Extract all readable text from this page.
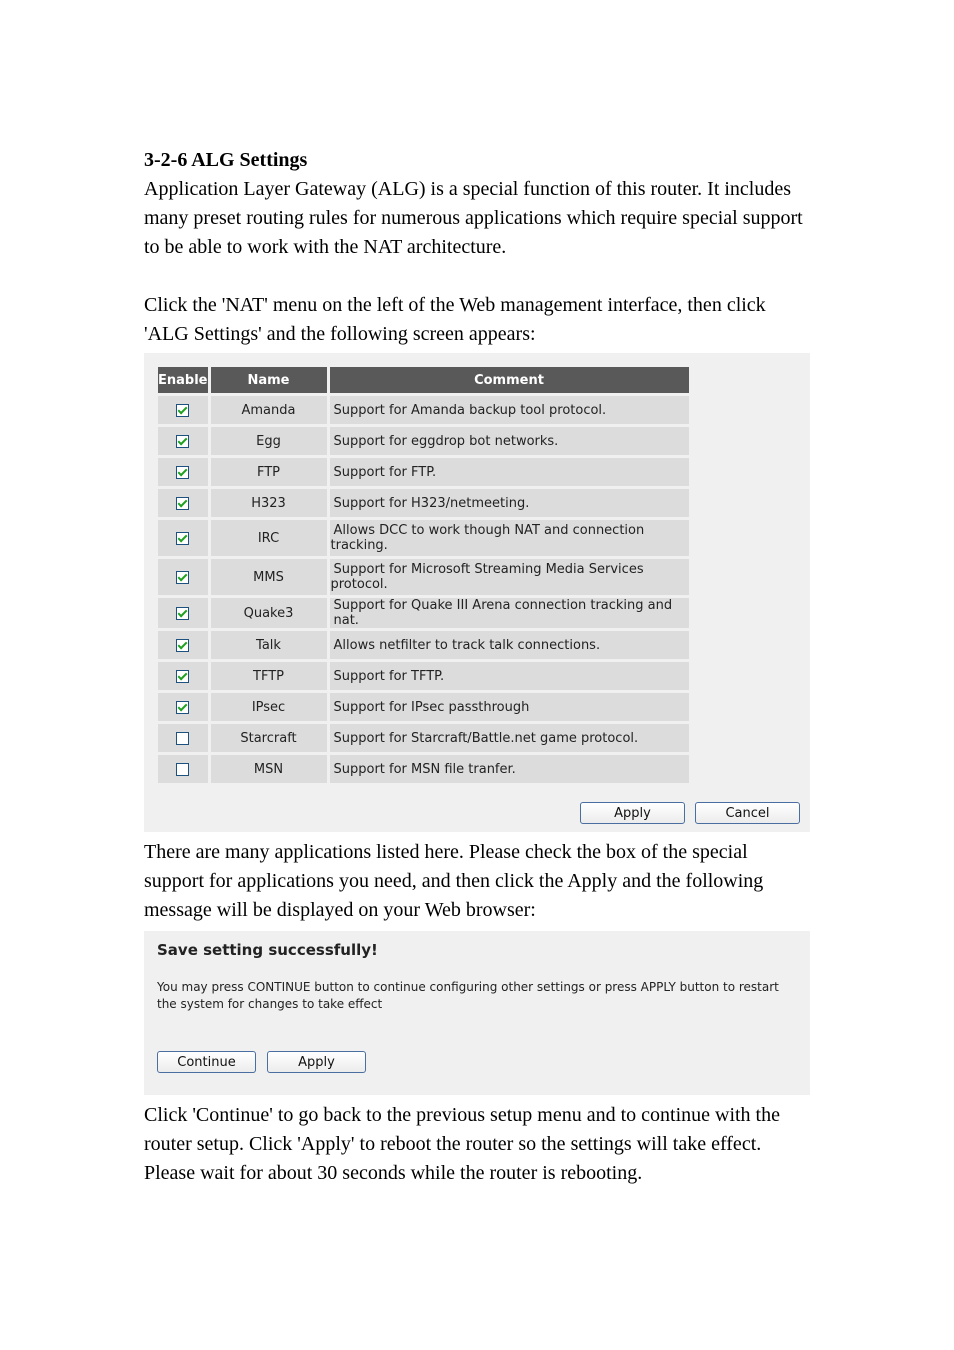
3-2-6 ALG Settings

Application Layer Gateway (ALG) is a special function of this router. It includes many preset routing rules for numerous applications which require special support to be able to work with the NAT architecture.

Click the 'NAT' menu on the left of the Web management interface, then click 'ALG Settings' and the following screen appears:

Enable	Name	Comment
	Amanda	Support for Amanda backup tool protocol.
	Egg	Support for eggdrop bot networks.
	FTP	Support for FTP.
	H323	Support for H323/netmeeting.
	IRC	Allows DCC to work though NAT and connection
tracking.

	MMS	Support for Microsoft Streaming Media Services
protocol.

	Quake3	Support for Quake III Arena connection tracking and nat.
	Talk	Allows netfilter to track talk connections.
	TFTP	Support for TFTP.
	IPsec	Support for IPsec passthrough
	Starcraft	Support for Starcraft/Battle.net game protocol.
	MSN	Support for MSN file tranfer.
Apply	Cancel

There are many applications listed here. Please check the box of the special support for applications you need, and then click the Apply and the following message will be displayed on your Web browser:

Save setting successfully!
You may press CONTINUE button to continue configuring other settings or press APPLY button to restart the system for changes to take effect
Continue	Apply

Click 'Continue' to go back to the previous setup menu and to continue with the router setup. Click 'Apply' to reboot the router so the settings will take effect. Please wait for about 30 seconds while the router is rebooting.
